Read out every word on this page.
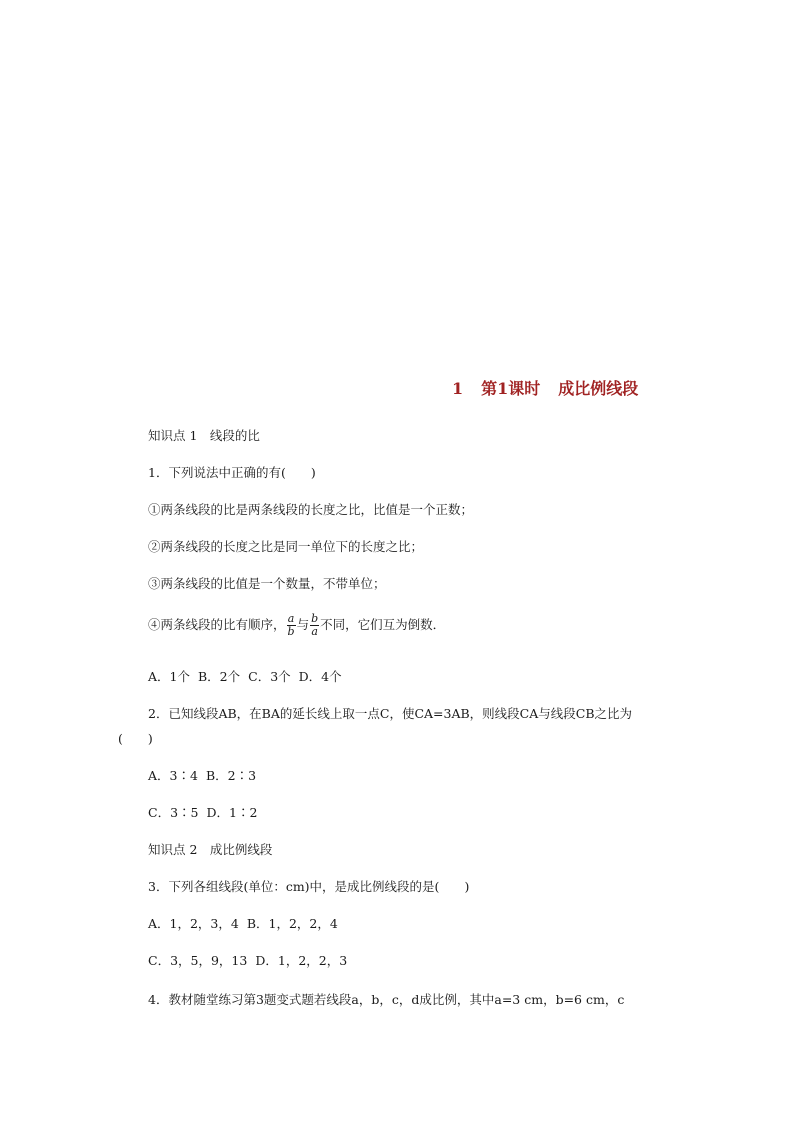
1 第1课时 成比例线段
知识点 1　线段的比
1．下列说法中正确的有(　　)
①两条线段的比是两条线段的长度之比，比值是一个正数；
②两条线段的长度之比是同一单位下的长度之比；
③两条线段的比值是一个数量，不带单位；
④两条线段的比有顺序， $\frac{a}{b}$ 与 $\frac{b}{a}$ 不同，它们互为倒数．
A．1个 B．2个 C．3个 D．4个
2．已知线段AB，在BA的延长线上取一点C，使CA=3AB，则线段CA与线段CB之比为
(　　)
A．3∶4 B．2∶3
C．3∶5 D．1∶2
知识点 2　成比例线段
3．下列各组线段(单位：cm)中，是成比例线段的是(　　)
A．1，2，3，4 B．1，2，2，4
C．3，5，9，13 D．1，2，2，3
4．教材随堂练习第3题变式题若线段a，b，c，d成比例，其中a=3 cm，b=6 cm，c
